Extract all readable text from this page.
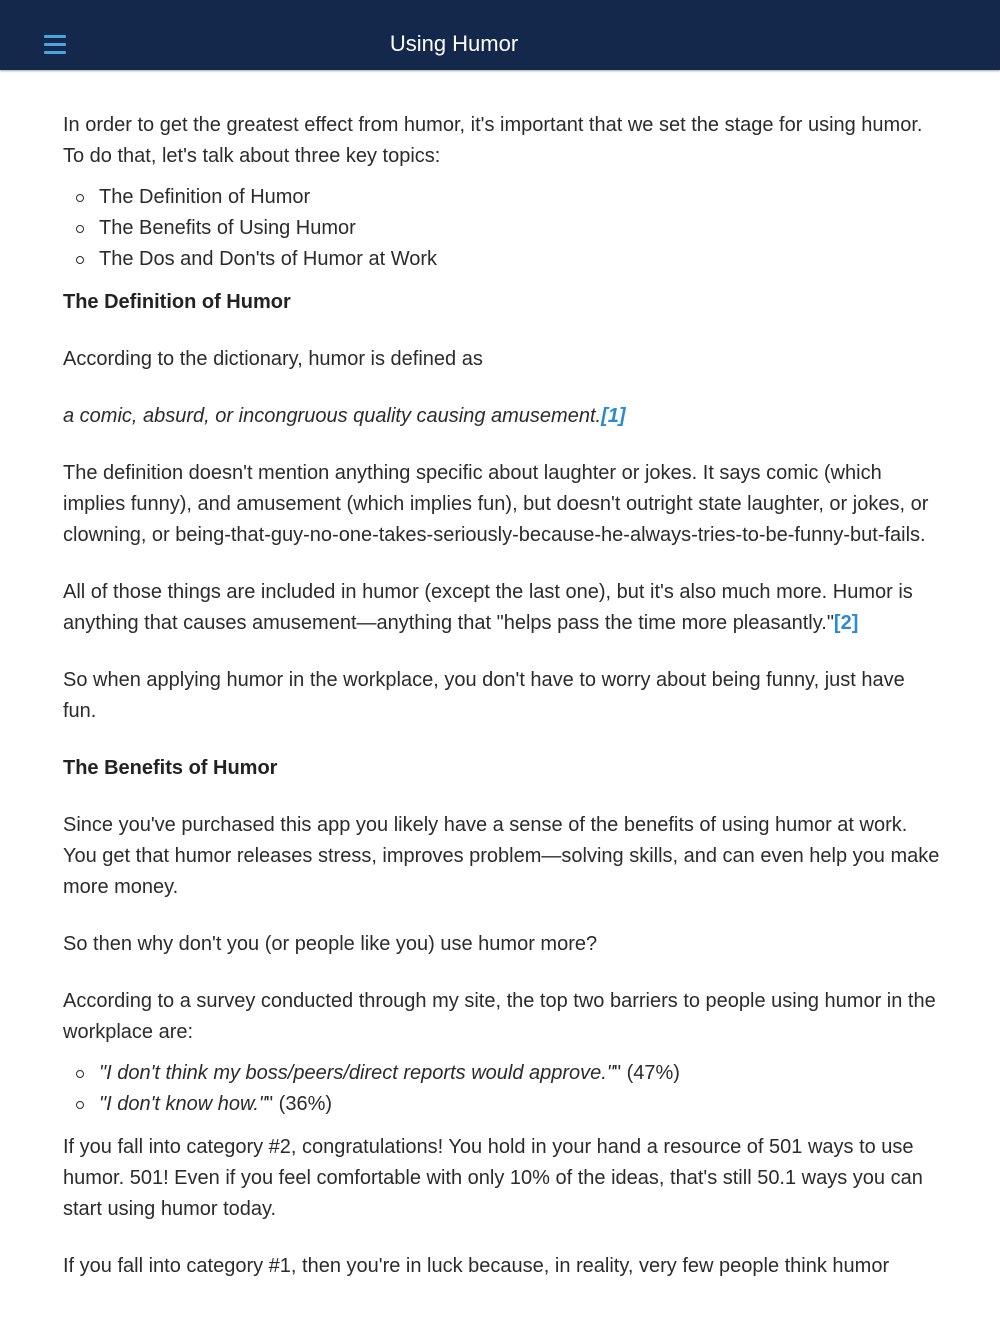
Using Humor

In order to get the greatest effect from humor, it's important that we set the stage for using humor. To do that, let's talk about three key topics:

The Definition of Humor
The Benefits of Using Humor
The Dos and Don'ts of Humor at Work
The Definition of Humor

According to the dictionary, humor is defined as

a comic, absurd, or incongruous quality causing amusement.[1]

The definition doesn't mention anything specific about laughter or jokes. It says comic (which implies funny), and amusement (which implies fun), but doesn't outright state laughter, or jokes, or clowning, or being-that-guy-no-one-takes-seriously-because-he-always-tries-to-be-funny-but-fails.

All of those things are included in humor (except the last one), but it's also much more. Humor is anything that causes amusement—anything that "helps pass the time more pleasantly."[2]

So when applying humor in the workplace, you don't have to worry about being funny, just have fun.

The Benefits of Humor

Since you've purchased this app you likely have a sense of the benefits of using humor at work. You get that humor releases stress, improves problem—solving skills, and can even help you make more money.

So then why don't you (or people like you) use humor more?

According to a survey conducted through my site, the top two barriers to people using humor in the workplace are:

"I don't think my boss/peers/direct reports would approve."" (47%)
"I don't know how."" (36%)

If you fall into category #2, congratulations! You hold in your hand a resource of 501 ways to use humor. 501! Even if you feel comfortable with only 10% of the ideas, that's still 50.1 ways you can start using humor today.

If you fall into category #1, then you're in luck because, in reality, very few people think humor
